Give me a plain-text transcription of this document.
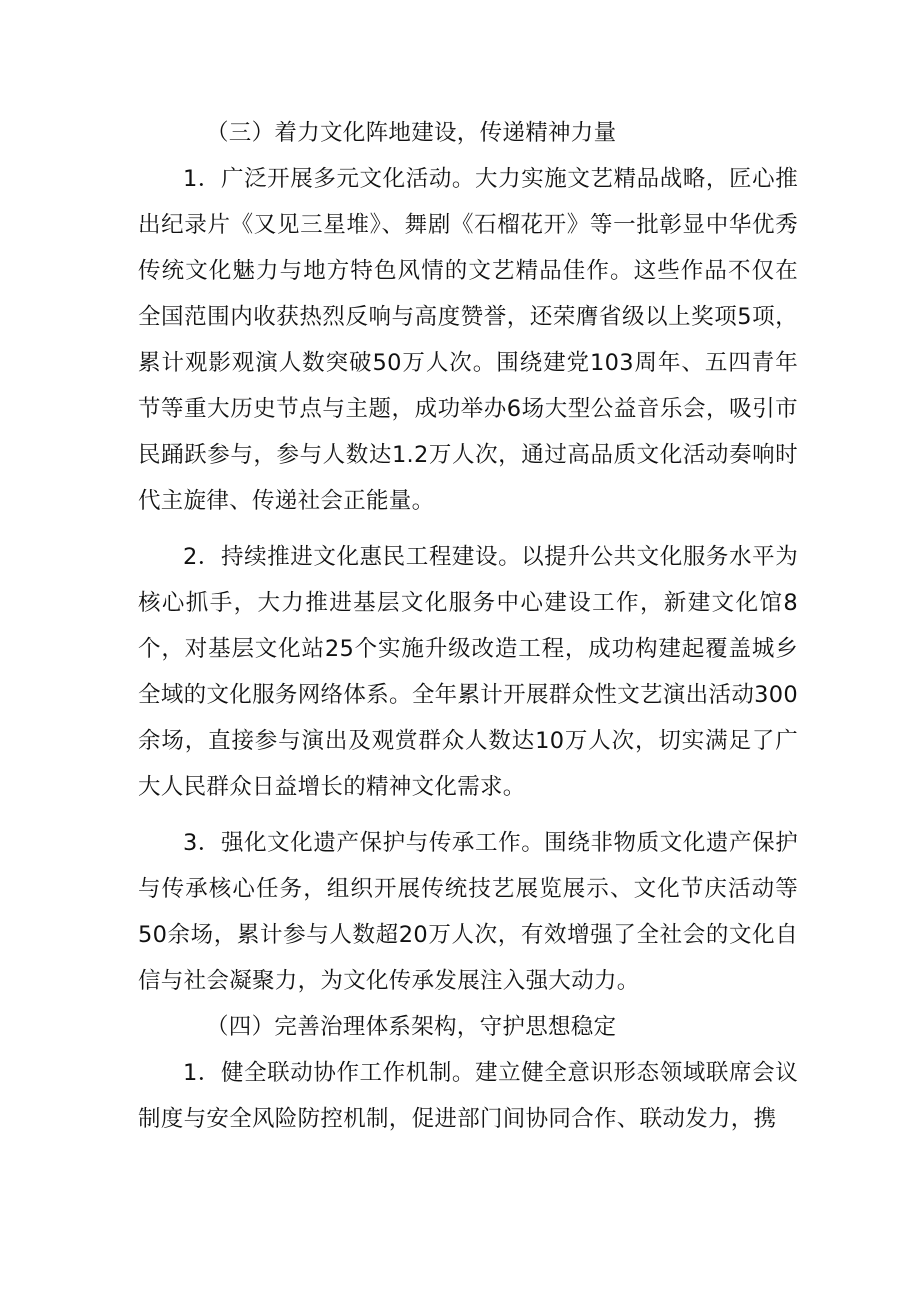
（三）着力文化阵地建设，传递精神力量

1．广泛开展多元文化活动。大力实施文艺精品战略，匠心推出纪录片《又见三星堆》、舞剧《石榴花开》等一批彰显中华优秀传统文化魅力与地方特色风情的文艺精品佳作。这些作品不仅在全国范围内收获热烈反响与高度赞誉，还荣膺省级以上奖项5项，累计观影观演人数突破50万人次。围绕建党103周年、五四青年节等重大历史节点与主题，成功举办6场大型公益音乐会，吸引市民踊跃参与，参与人数达1.2万人次，通过高品质文化活动奏响时代主旋律、传递社会正能量。

2．持续推进文化惠民工程建设。以提升公共文化服务水平为核心抓手，大力推进基层文化服务中心建设工作，新建文化馆8个，对基层文化站25个实施升级改造工程，成功构建起覆盖城乡全域的文化服务网络体系。全年累计开展群众性文艺演出活动300余场，直接参与演出及观赏群众人数达10万人次，切实满足了广大人民群众日益增长的精神文化需求。

3．强化文化遗产保护与传承工作。围绕非物质文化遗产保护与传承核心任务，组织开展传统技艺展览展示、文化节庆活动等50余场，累计参与人数超20万人次，有效增强了全社会的文化自信与社会凝聚力，为文化传承发展注入强大动力。

（四）完善治理体系架构，守护思想稳定

1．健全联动协作工作机制。建立健全意识形态领域联席会议制度与安全风险防控机制，促进部门间协同合作、联动发力，携
